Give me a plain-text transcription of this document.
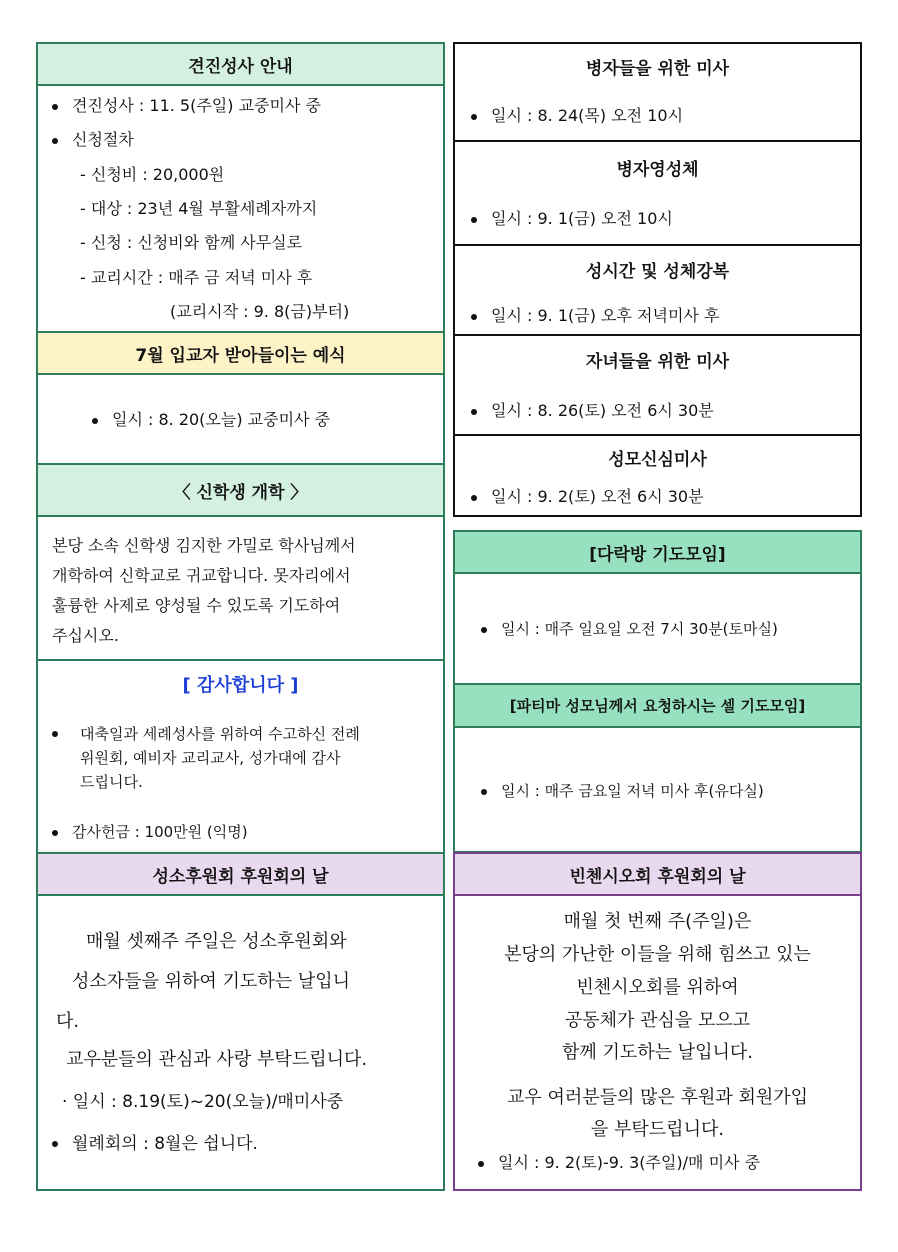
견진성사 안내
견진성사 : 11. 5(주일) 교중미사 중
신청절차
- 신청비 : 20,000원
- 대상 : 23년 4월 부활세례자까지
- 신청 : 신청비와 함께 사무실로
- 교리시간 : 매주 금 저녁 미사 후
(교리시작 : 9. 8(금)부터)
7월 입교자 받아들이는 예식
일시 : 8. 20(오늘) 교중미사 중
〈 신학생 개학 〉
본당 소속 신학생 김지한 가밀로 학사님께서
개학하여 신학교로 귀교합니다. 못자리에서
훌륭한 사제로 양성될 수 있도록 기도하여
주십시오.
[ 감사합니다 ]
대축일과 세례성사를 위하여 수고하신 전례
위원회, 예비자 교리교사, 성가대에 감사
드립니다.
감사헌금 : 100만원 (익명)
성소후원회 후원회의 날
매월 셋째주 주일은 성소후원회와
성소자들을 위하여 기도하는 날입니
다.
교우분들의 관심과 사랑 부탁드립니다.
· 일시 : 8.19(토)~20(오늘)/매미사중
월례회의 : 8월은 쉽니다.
병자들을 위한 미사
일시 : 8. 24(목) 오전 10시
병자영성체
일시 : 9. 1(금) 오전 10시
성시간 및 성체강복
일시 : 9. 1(금) 오후 저녁미사 후
자녀들을 위한 미사
일시 : 8. 26(토) 오전 6시 30분
성모신심미사
일시 : 9. 2(토) 오전 6시 30분
[다락방 기도모임]
일시 : 매주 일요일 오전 7시 30분(토마실)
[파티마 성모님께서 요청하시는 셀 기도모임]
일시 : 매주 금요일 저녁 미사 후(유다실)
빈첸시오회 후원회의 날
매월 첫 번째 주(주일)은
본당의 가난한 이들을 위해 힘쓰고 있는
빈첸시오회를 위하여
공동체가 관심을 모으고
함께 기도하는 날입니다.
교우 여러분들의 많은 후원과 회원가입
을 부탁드립니다.
일시 : 9. 2(토)-9. 3(주일)/매 미사 중
